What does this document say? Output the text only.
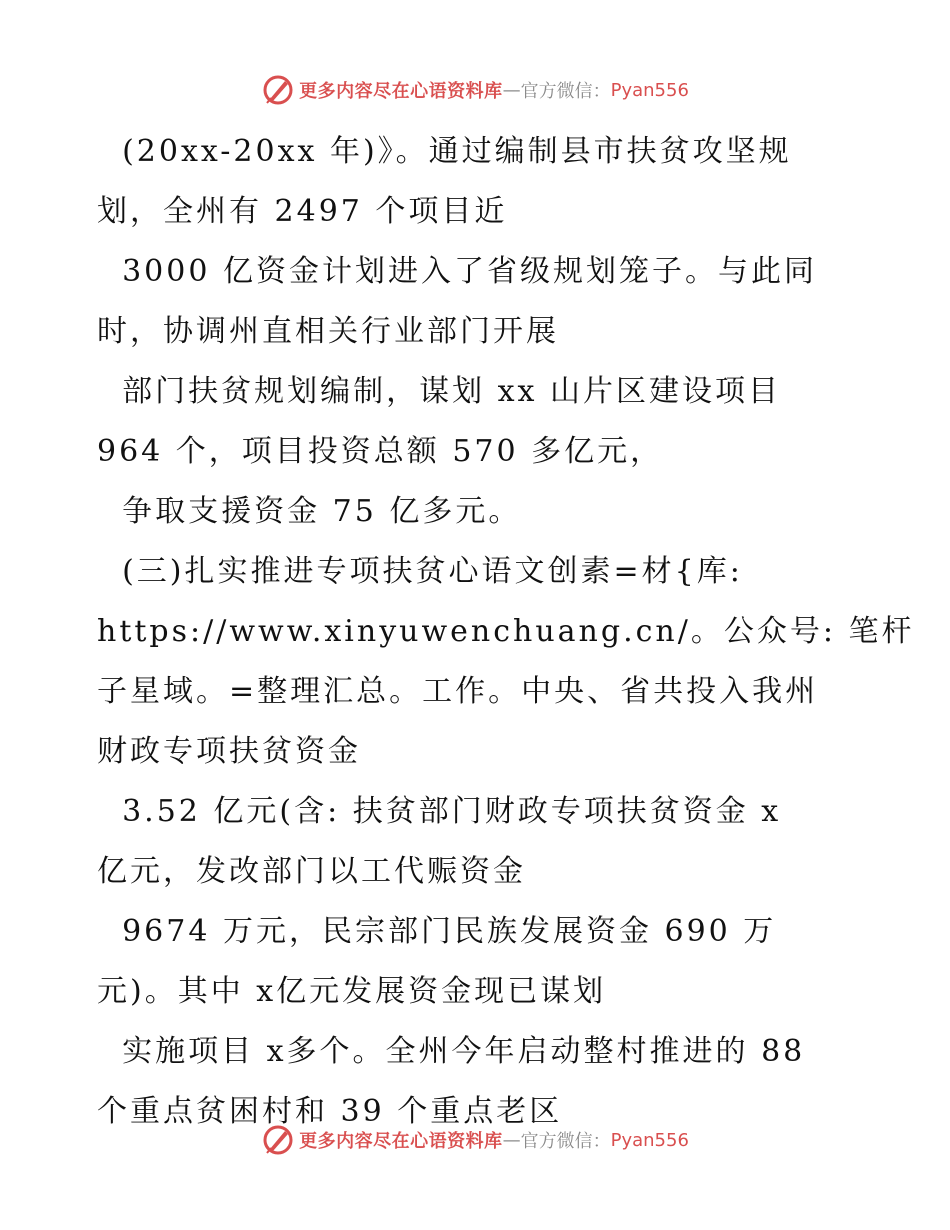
更多内容尽在心语资料库 — 官方微信： Pyan556
(20xx-20xx 年)》。通过编制县市扶贫攻坚规
划，全州有 2497 个项目近
3000 亿资金计划进入了省级规划笼子。与此同
时，协调州直相关行业部门开展
部门扶贫规划编制，谋划 xx 山片区建设项目
964 个，项目投资总额 570 多亿元，
争取支援资金 75 亿多元。
(三)扎实推进专项扶贫心语文创素=材{库:
https://www.xinyuwenchuang.cn/。公众号: 笔杆
子星域。=整理汇总。工作。中央、省共投入我州
财政专项扶贫资金
3.52 亿元(含: 扶贫部门财政专项扶贫资金 x
亿元，发改部门以工代赈资金
9674 万元，民宗部门民族发展资金 690 万
元)。其中 x亿元发展资金现已谋划
实施项目 x多个。全州今年启动整村推进的 88
个重点贫困村和 39 个重点老区
更多内容尽在心语资料库 — 官方微信： Pyan556
